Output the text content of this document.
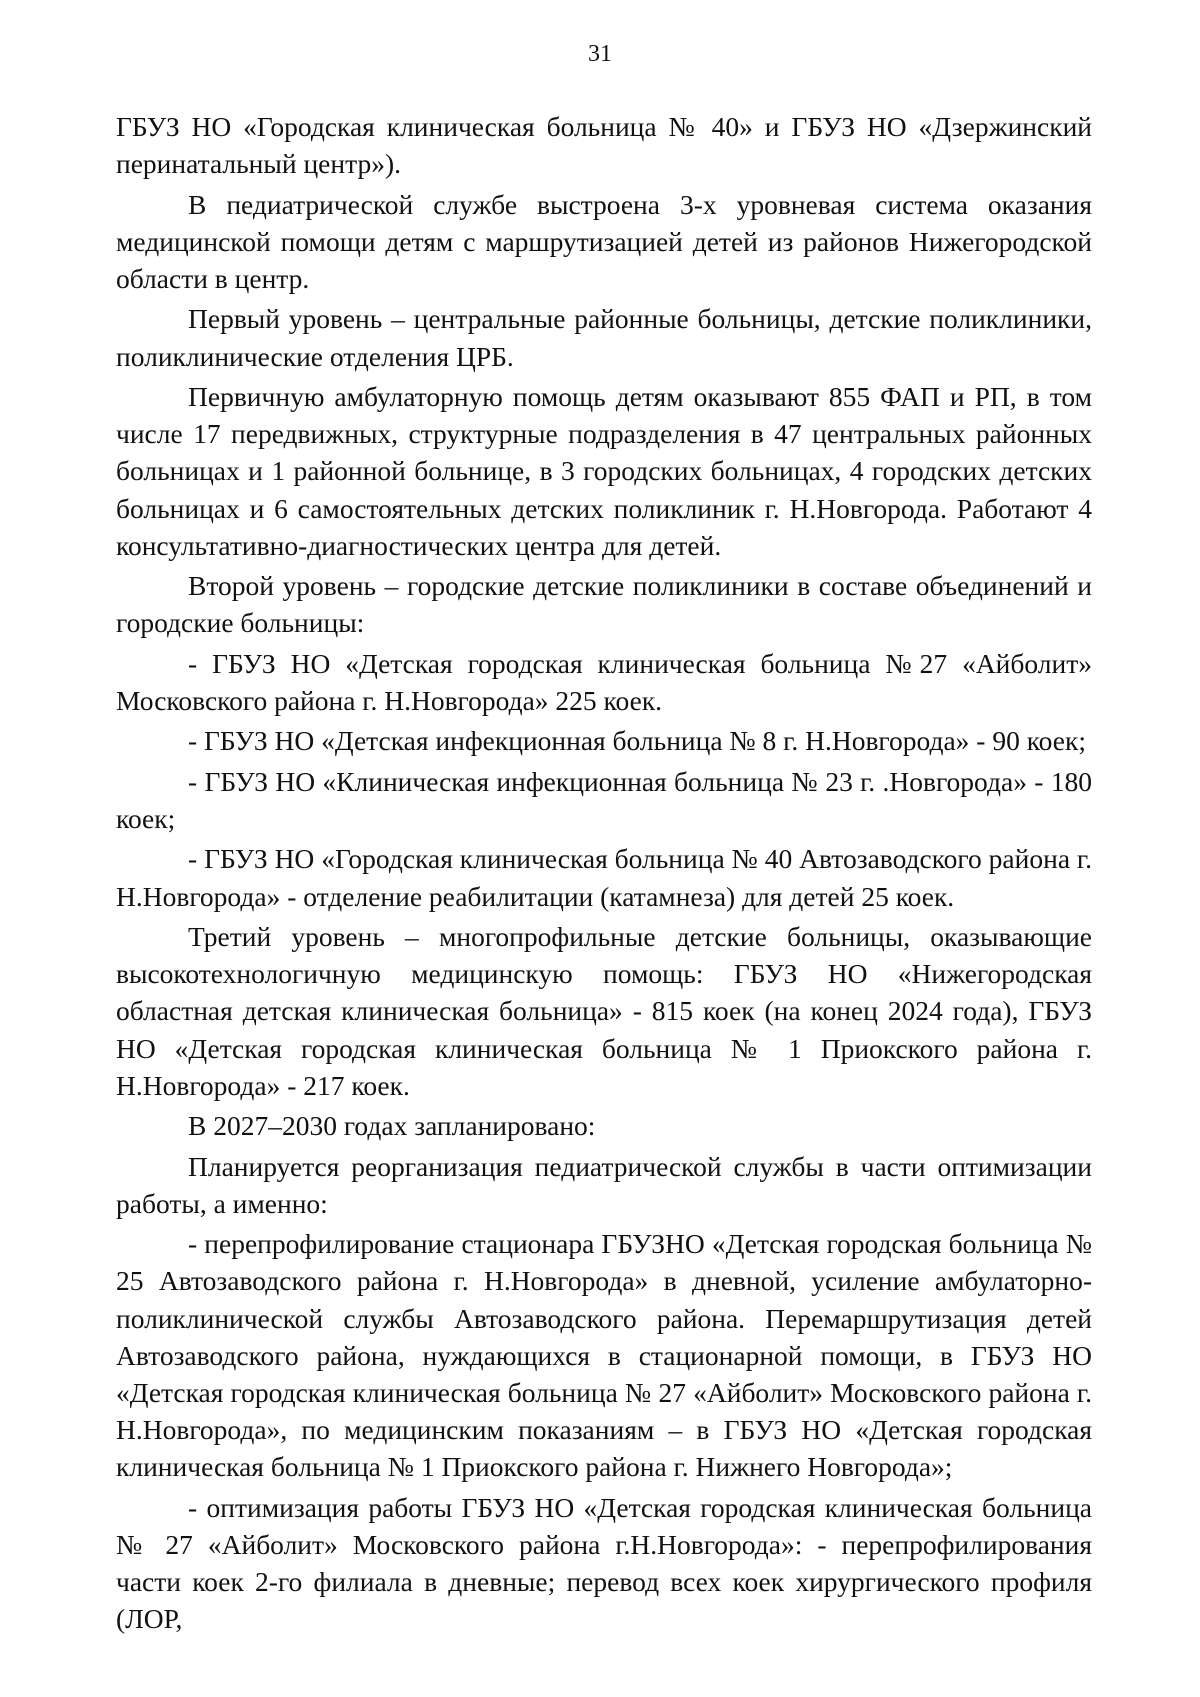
31

ГБУЗ НО «Городская клиническая больница № 40» и ГБУЗ НО «Дзержинский перинатальный центр»).

В педиатрической службе выстроена 3-х уровневая система оказания медицинской помощи детям с маршрутизацией детей из районов Нижегородской области в центр.

Первый уровень – центральные районные больницы, детские поликлиники, поликлинические отделения ЦРБ.

Первичную амбулаторную помощь детям оказывают 855 ФАП и РП, в том числе 17 передвижных, структурные подразделения в 47 центральных районных больницах и 1 районной больнице, в 3 городских больницах, 4 городских детских больницах и 6 самостоятельных детских поликлиник г. Н.Новгорода. Работают 4 консультативно-диагностических центра для детей.

Второй уровень – городские детские поликлиники в составе объединений и городские больницы:

- ГБУЗ НО «Детская городская клиническая больница №27 «Айболит» Московского района г. Н.Новгорода» 225 коек.

- ГБУЗ НО «Детская инфекционная больница № 8 г. Н.Новгорода» - 90 коек;

- ГБУЗ НО «Клиническая инфекционная больница № 23 г. .Новгорода» - 180 коек;

- ГБУЗ НО «Городская клиническая больница № 40 Автозаводского района г. Н.Новгорода» - отделение реабилитации (катамнеза) для детей 25 коек.

Третий уровень – многопрофильные детские больницы, оказывающие высокотехнологичную медицинскую помощь: ГБУЗ НО «Нижегородская областная детская клиническая больница» - 815 коек (на конец 2024 года), ГБУЗ НО «Детская городская клиническая больница № 1 Приокского района г. Н.Новгорода» - 217 коек.

В 2027–2030 годах запланировано:

Планируется реорганизация педиатрической службы в части оптимизации работы, а именно:

- перепрофилирование стационара ГБУЗНО «Детская городская больница № 25 Автозаводского района г. Н.Новгорода» в дневной, усиление амбулаторно-поликлинической службы Автозаводского района. Перемаршрутизация детей Автозаводского района, нуждающихся в стационарной помощи, в ГБУЗ НО «Детская городская клиническая больница № 27 «Айболит» Московского района г. Н.Новгорода», по медицинским показаниям – в ГБУЗ НО «Детская городская клиническая больница № 1 Приокского района г. Нижнего Новгорода»;

- оптимизация работы ГБУЗ НО «Детская городская клиническая больница № 27 «Айболит» Московского района г.Н.Новгорода»: - перепрофилирования части коек 2-го филиала в дневные; перевод всех коек хирургического профиля (ЛОР,
